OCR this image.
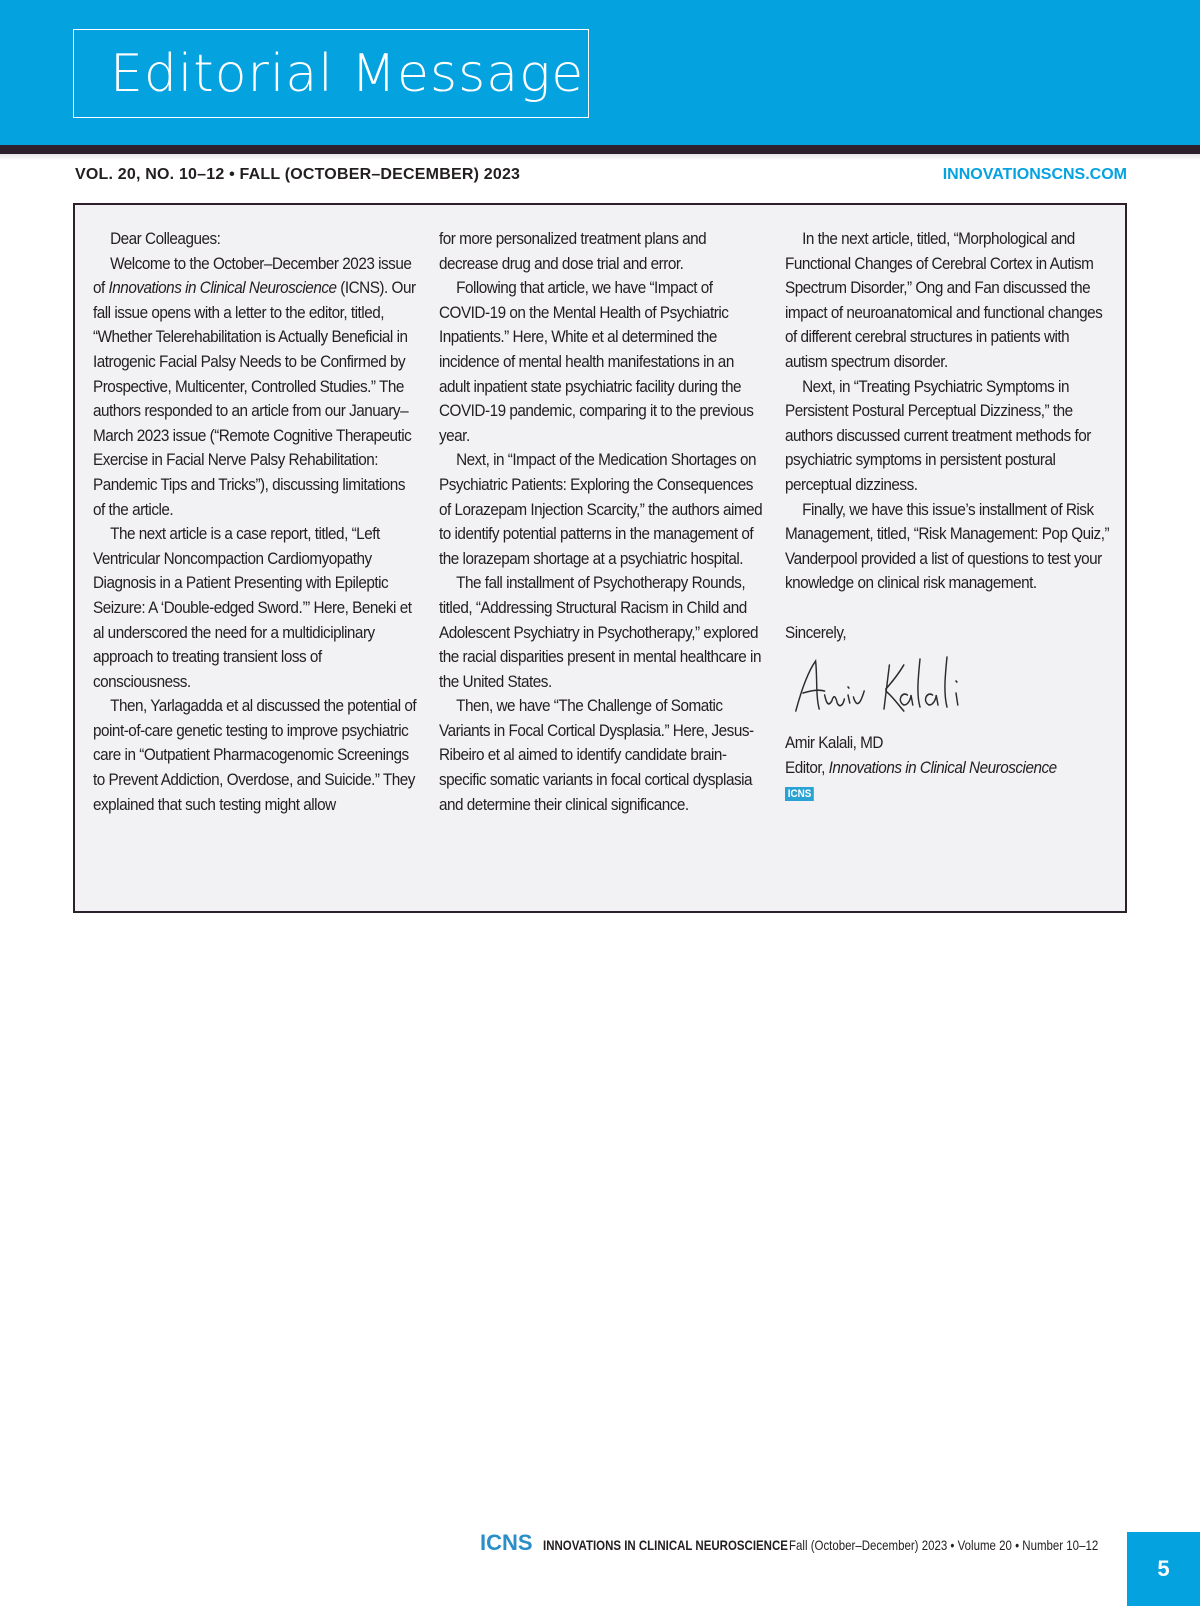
Editorial Message
VOL. 20, NO. 10–12 • FALL (OCTOBER–DECEMBER) 2023	INNOVATIONSCNS.COM

Dear Colleagues:

Welcome to the October–December 2023 issue of Innovations in Clinical Neuroscience (ICNS). Our fall issue opens with a letter to the editor, titled, “Whether Telerehabilitation is Actually Beneficial in Iatrogenic Facial Palsy Needs to be Confirmed by Prospective, Multicenter, Controlled Studies.” The authors responded to an article from our January–March 2023 issue (“Remote Cognitive Therapeutic Exercise in Facial Nerve Palsy Rehabilitation: Pandemic Tips and Tricks”), discussing limitations of the article.

The next article is a case report, titled, “Left Ventricular Noncompaction Cardiomyopathy Diagnosis in a Patient Presenting with Epileptic Seizure: A ‘Double-edged Sword.’” Here, Beneki et al underscored the need for a multidiciplinary approach to treating transient loss of consciousness.

Then, Yarlagadda et al discussed the potential of point-of-care genetic testing to improve psychiatric care in “Outpatient Pharmacogenomic Screenings to Prevent Addiction, Overdose, and Suicide.” They explained that such testing might allow

for more personalized treatment plans and decrease drug and dose trial and error.

Following that article, we have “Impact of COVID-19 on the Mental Health of Psychiatric Inpatients.” Here, White et al determined the incidence of mental health manifestations in an adult inpatient state psychiatric facility during the COVID-19 pandemic, comparing it to the previous year.

Next, in “Impact of the Medication Shortages on Psychiatric Patients: Exploring the Consequences of Lorazepam Injection Scarcity,” the authors aimed to identify potential patterns in the management of the lorazepam shortage at a psychiatric hospital.

The fall installment of Psychotherapy Rounds, titled, “Addressing Structural Racism in Child and Adolescent Psychiatry in Psychotherapy,” explored the racial disparities present in mental healthcare in the United States.

Then, we have “The Challenge of Somatic Variants in Focal Cortical Dysplasia.” Here, Jesus-Ribeiro et al aimed to identify candidate brain-specific somatic variants in focal cortical dysplasia and determine their clinical significance.

In the next article, titled, “Morphological and Functional Changes of Cerebral Cortex in Autism Spectrum Disorder,” Ong and Fan discussed the impact of neuroanatomical and functional changes of different cerebral structures in patients with autism spectrum disorder.

Next, in “Treating Psychiatric Symptoms in Persistent Postural Perceptual Dizziness,” the authors discussed current treatment methods for psychiatric symptoms in persistent postural perceptual dizziness.

Finally, we have this issue’s installment of Risk Management, titled, “Risk Management: Pop Quiz,” Vanderpool provided a list of questions to test your knowledge on clinical risk management.

Sincerely,

Amir Kalali, MD

Editor, Innovations in Clinical Neuroscience

ICNS
ICNS INNOVATIONS IN CLINICAL NEUROSCIENCE Fall (October–December) 2023 • Volume 20 • Number 10–12
5
